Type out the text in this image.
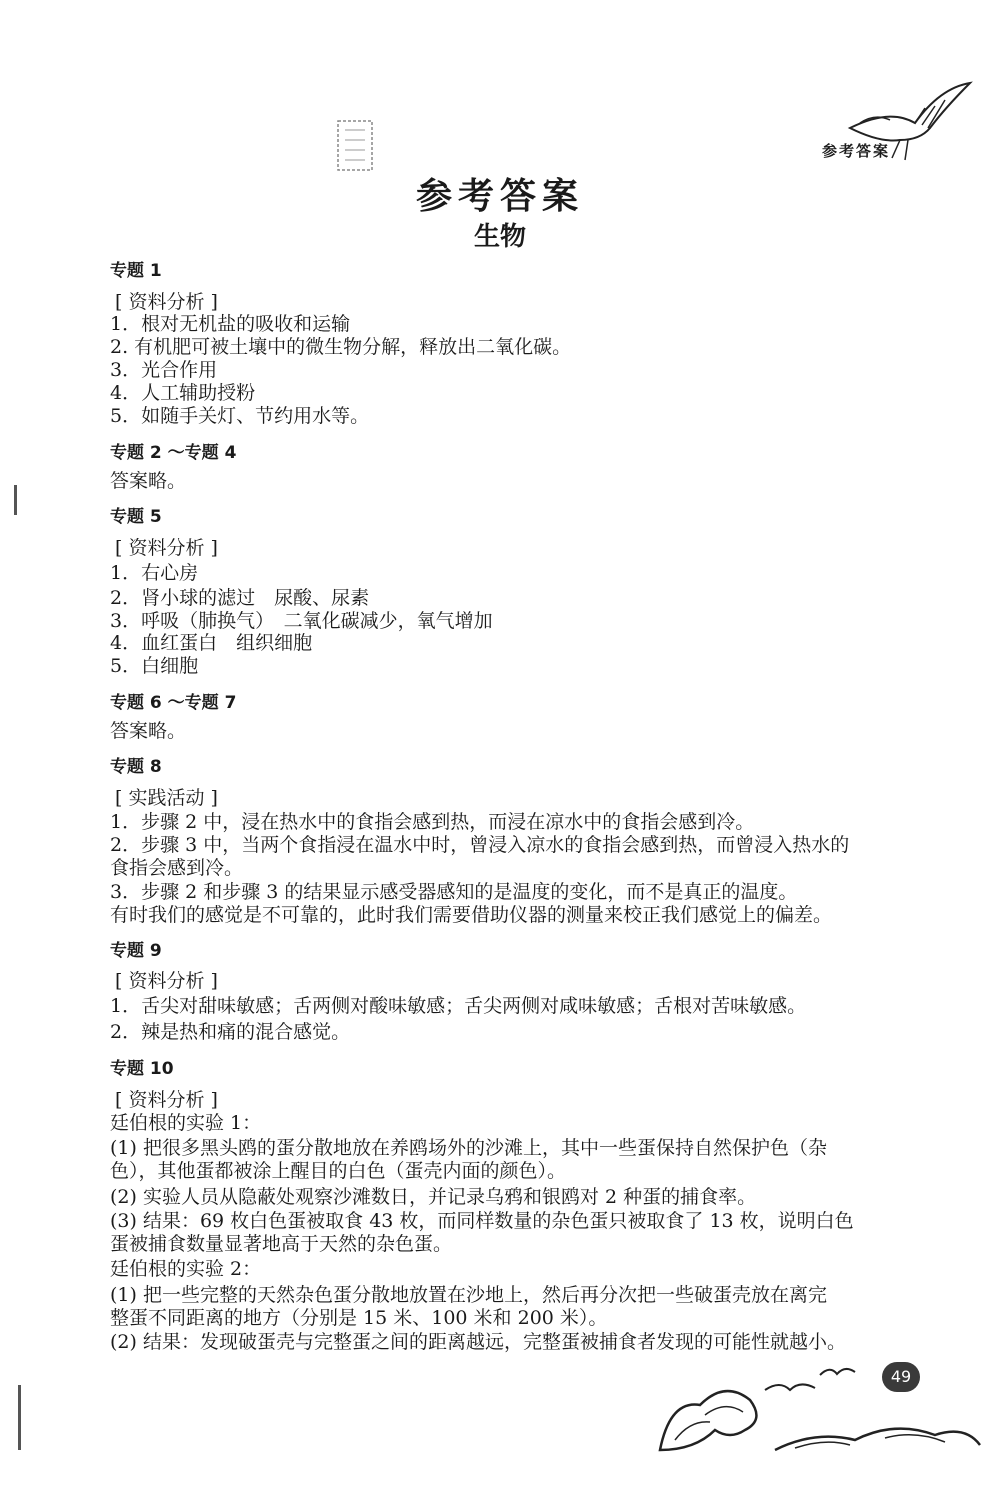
参考答案
参考答案
生物
专题 1
[ 资料分析 ]
1．根对无机盐的吸收和运输
2. 有机肥可被土壤中的微生物分解，释放出二氧化碳。
3．光合作用
4．人工辅助授粉
5．如随手关灯、节约用水等。
专题 2 ～专题 4
答案略。
专题 5
[ 资料分析 ]
1．右心房
2．肾小球的滤过　尿酸、尿素
3．呼吸（肺换气）　二氧化碳减少，氧气增加
4．血红蛋白　组织细胞
5．白细胞
专题 6 ～专题 7
答案略。
专题 8
[ 实践活动 ]
1．步骤 2 中，浸在热水中的食指会感到热，而浸在凉水中的食指会感到冷。
2．步骤 3 中，当两个食指浸在温水中时，曾浸入凉水的食指会感到热，而曾浸入热水的
食指会感到冷。
3．步骤 2 和步骤 3 的结果显示感受器感知的是温度的变化，而不是真正的温度。
有时我们的感觉是不可靠的，此时我们需要借助仪器的测量来校正我们感觉上的偏差。
专题 9
[ 资料分析 ]
1．舌尖对甜味敏感；舌两侧对酸味敏感；舌尖两侧对咸味敏感；舌根对苦味敏感。
2．辣是热和痛的混合感觉。
专题 10
[ 资料分析 ]
廷伯根的实验 1：
(1) 把很多黑头鸥的蛋分散地放在养鸥场外的沙滩上，其中一些蛋保持自然保护色（杂
色），其他蛋都被涂上醒目的白色（蛋壳内面的颜色）。
(2) 实验人员从隐蔽处观察沙滩数日，并记录乌鸦和银鸥对 2 种蛋的捕食率。
(3) 结果：69 枚白色蛋被取食 43 枚，而同样数量的杂色蛋只被取食了 13 枚，说明白色
蛋被捕食数量显著地高于天然的杂色蛋。
廷伯根的实验 2：
(1) 把一些完整的天然杂色蛋分散地放置在沙地上，然后再分次把一些破蛋壳放在离完
整蛋不同距离的地方（分别是 15 米、100 米和 200 米）。
(2) 结果：发现破蛋壳与完整蛋之间的距离越远，完整蛋被捕食者发现的可能性就越小。
49
